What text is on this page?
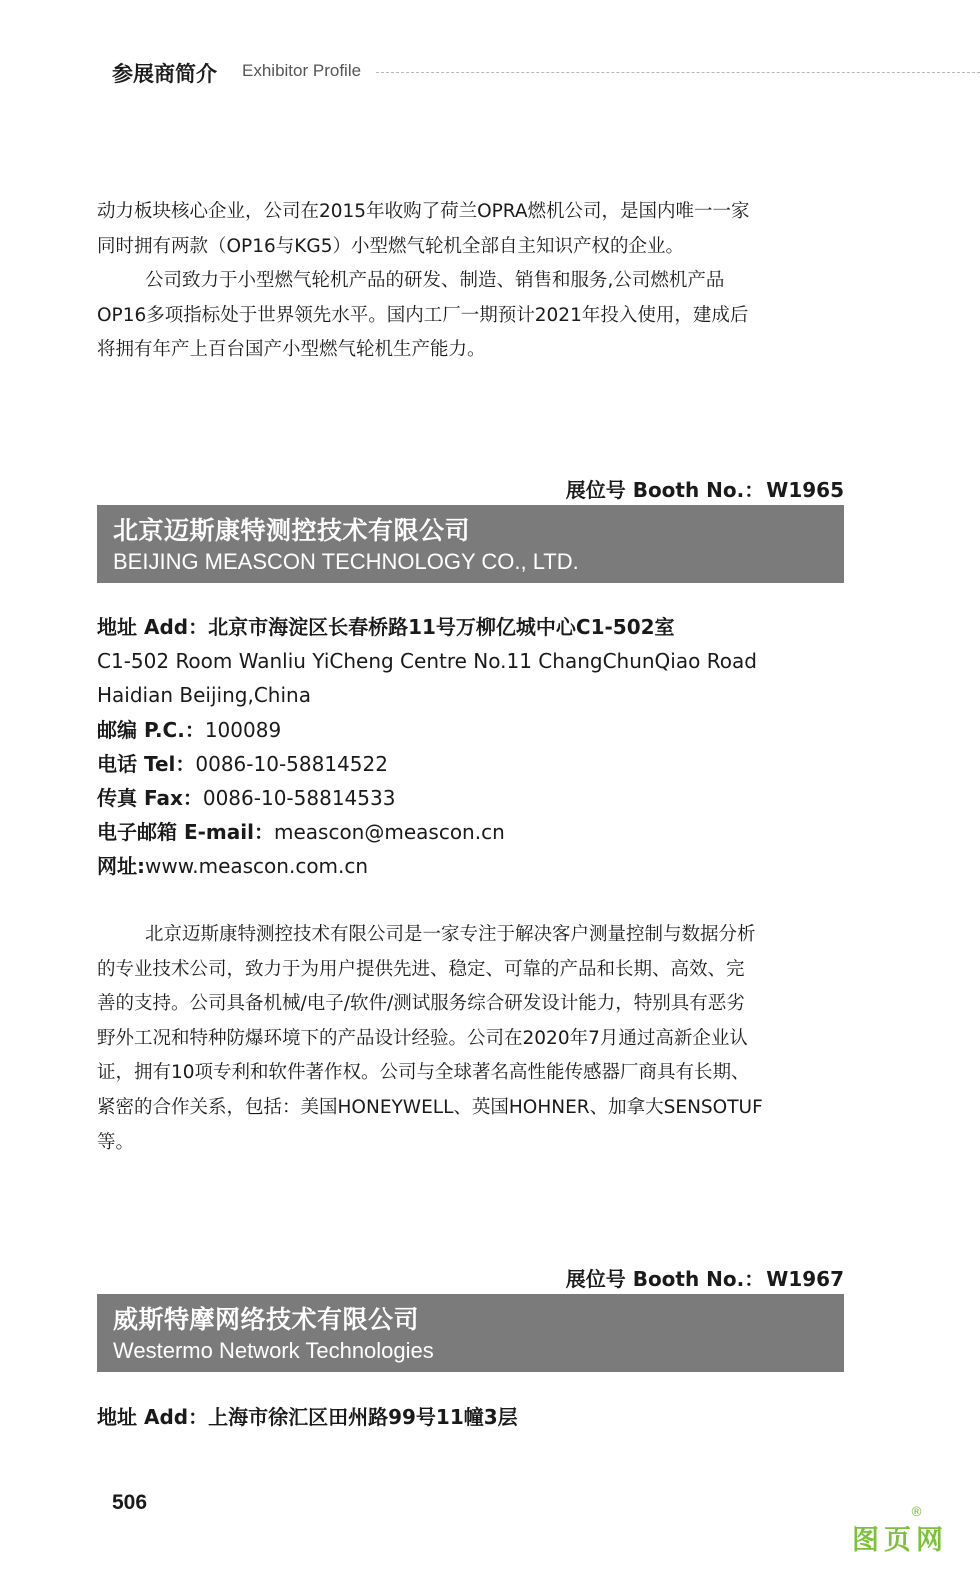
参展商简介 Exhibitor Profile
动力板块核心企业，公司在2015年收购了荷兰OPRA燃机公司，是国内唯一一家
同时拥有两款（OP16与KG5）小型燃气轮机全部自主知识产权的企业。
公司致力于小型燃气轮机产品的研发、制造、销售和服务,公司燃机产品
OP16多项指标处于世界领先水平。国内工厂一期预计2021年投入使用，建成后
将拥有年产上百台国产小型燃气轮机生产能力。
展位号 Booth No.： W1965
北京迈斯康特测控技术有限公司
BEIJING MEASCON TECHNOLOGY CO., LTD.
地址 Add：北京市海淀区长春桥路11号万柳亿城中心C1-502室
C1-502 Room Wanliu YiCheng Centre No.11 ChangChunQiao Road
Haidian Beijing,China
邮编 P.C.：100089
电话 Tel：0086-10-58814522
传真 Fax：0086-10-58814533
电子邮箱 E-mail：meascon@meascon.cn
网址:www.meascon.com.cn
北京迈斯康特测控技术有限公司是一家专注于解决客户测量控制与数据分析
的专业技术公司，致力于为用户提供先进、稳定、可靠的产品和长期、高效、完
善的支持。公司具备机械/电子/软件/测试服务综合研发设计能力，特别具有恶劣
野外工况和特种防爆环境下的产品设计经验。公司在2020年7月通过高新企业认
证，拥有10项专利和软件著作权。公司与全球著名高性能传感器厂商具有长期、
紧密的合作关系，包括：美国HONEYWELL、英国HOHNER、加拿大SENSOTUF
等。
展位号 Booth No.： W1967
威斯特摩网络技术有限公司
Westermo Network Technologies
地址 Add：上海市徐汇区田州路99号11幢3层
506
图页网
®
